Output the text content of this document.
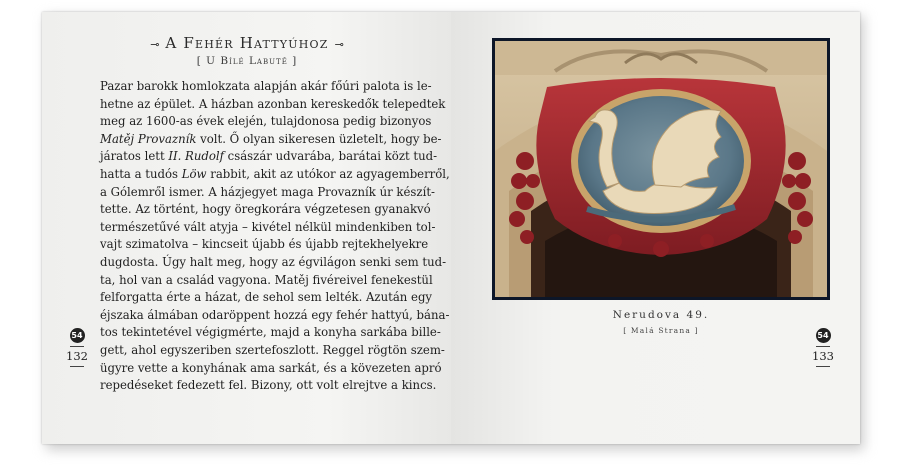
⊸ A Fehér Hattyúhoz ⊸
[ U Bílé Labutě ]
Pazar barokk homlokzata alapján akár főúri palota is le-
hetne az épület. A házban azonban kereskedők telepedtek
meg az 1600-as évek elején, tulajdonosa pedig bizonyos
Matěj Provazník volt. Ő olyan sikeresen üzletelt, hogy be-
járatos lett II. Rudolf császár udvarába, barátai közt tud-
hatta a tudós Löw rabbit, akit az utókor az agyagemberről,
a Gólemről ismer. A házjegyet maga Provazník úr készít-
tette. Az történt, hogy öregkorára végzetesen gyanakvó
természetűvé vált atyja – kivétel nélkül mindenkiben tol-
vajt szimatolva – kincseit újabb és újabb rejtekhelyekre
dugdosta. Úgy halt meg, hogy az égvilágon senki sem tud-
ta, hol van a család vagyona. Matěj fivéreivel fenekestül
felforgatta érte a házat, de sehol sem lelték. Azután egy
éjszaka álmában odaröppent hozzá egy fehér hattyú, bána-
tos tekintetével végigmérte, majd a konyha sarkába bille-
gett, ahol egyszeriben szertefoszlott. Reggel rögtön szem-
ügyre vette a konyhának ama sarkát, és a kövezeten apró
repedéseket fedezett fel. Bizony, ott volt elrejtve a kincs.
54
132
Nerudova 49.
[ Malá Strana ]
54
133
